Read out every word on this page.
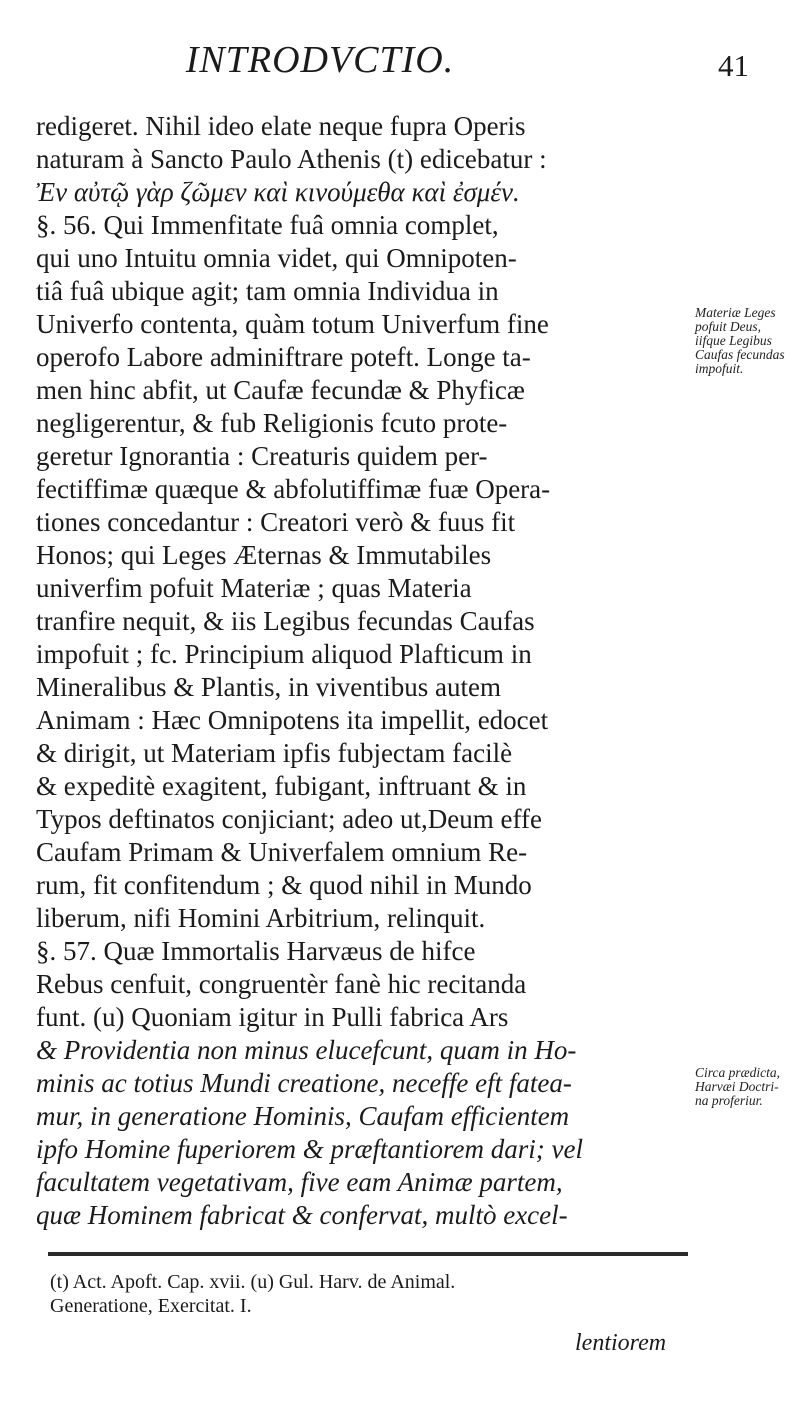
INTRODVCTIO.	41
redigeret. Nihil ideo elate neque fupra Operis
naturam à Sancto Paulo Athenis (t) edicebatur :
Ἐν αὐτῷ γὰρ ζῶμεν καὶ κινούμεθα καὶ ἐσμέν.
§. 56. Qui Immenfitate fuâ omnia complet,
qui uno Intuitu omnia videt, qui Omnipoten-
tiâ fuâ ubique agit; tam omnia Individua in
Univerfo contenta, quàm totum Univerfum fine
operofo Labore adminiftrare poteft. Longe ta-
men hinc abfit, ut Caufæ fecundæ & Phyficæ
negligerentur, & fub Religionis fcuto prote-
geretur Ignorantia : Creaturis quidem per-
fectiffimæ quæque & abfolutiffimæ fuæ Opera-
tiones concedantur : Creatori verò & fuus fit
Honos; qui Leges Æternas & Immutabiles
univerfim pofuit Materiæ ; quas Materia
tranfire nequit, & iis Legibus fecundas Caufas
impofuit ; fc. Principium aliquod Plafticum in
Mineralibus & Plantis, in viventibus autem
Animam : Hæc Omnipotens ita impellit, edocet
& dirigit, ut Materiam ipfis fubjectam facilè
& expeditè exagitent, fubigant, inftruant & in
Typos deftinatos conjiciant; adeo ut,Deum effe
Caufam Primam & Univerfalem omnium Re-
rum, fit confitendum ; & quod nihil in Mundo
liberum, nifi Homini Arbitrium, relinquit.
§. 57. Quæ Immortalis Harvæus de hifce
Rebus cenfuit, congruentèr fanè hic recitanda
funt. (u) Quoniam igitur in Pulli fabrica Ars
& Providentia non minus elucefcunt, quam in Ho-
minis ac totius Mundi creatione, neceffe eft fatea-
mur, in generatione Hominis, Caufam efficientem
ipfo Homine fuperiorem & præftantiorem dari; vel
facultatem vegetativam, five eam Animæ partem,
quæ Hominem fabricat & confervat, multò excel-
Materiæ Leges
pofuit Deus,
iifque Legibus
Caufas fecundas
impofuit.
Circa prædicta,
Harvæi Doctri-
na proferiur.
(t) Act. Apoft. Cap. xvii. (u) Gul. Harv. de Animal.
Generatione, Exercitat. I.
lentiorem
